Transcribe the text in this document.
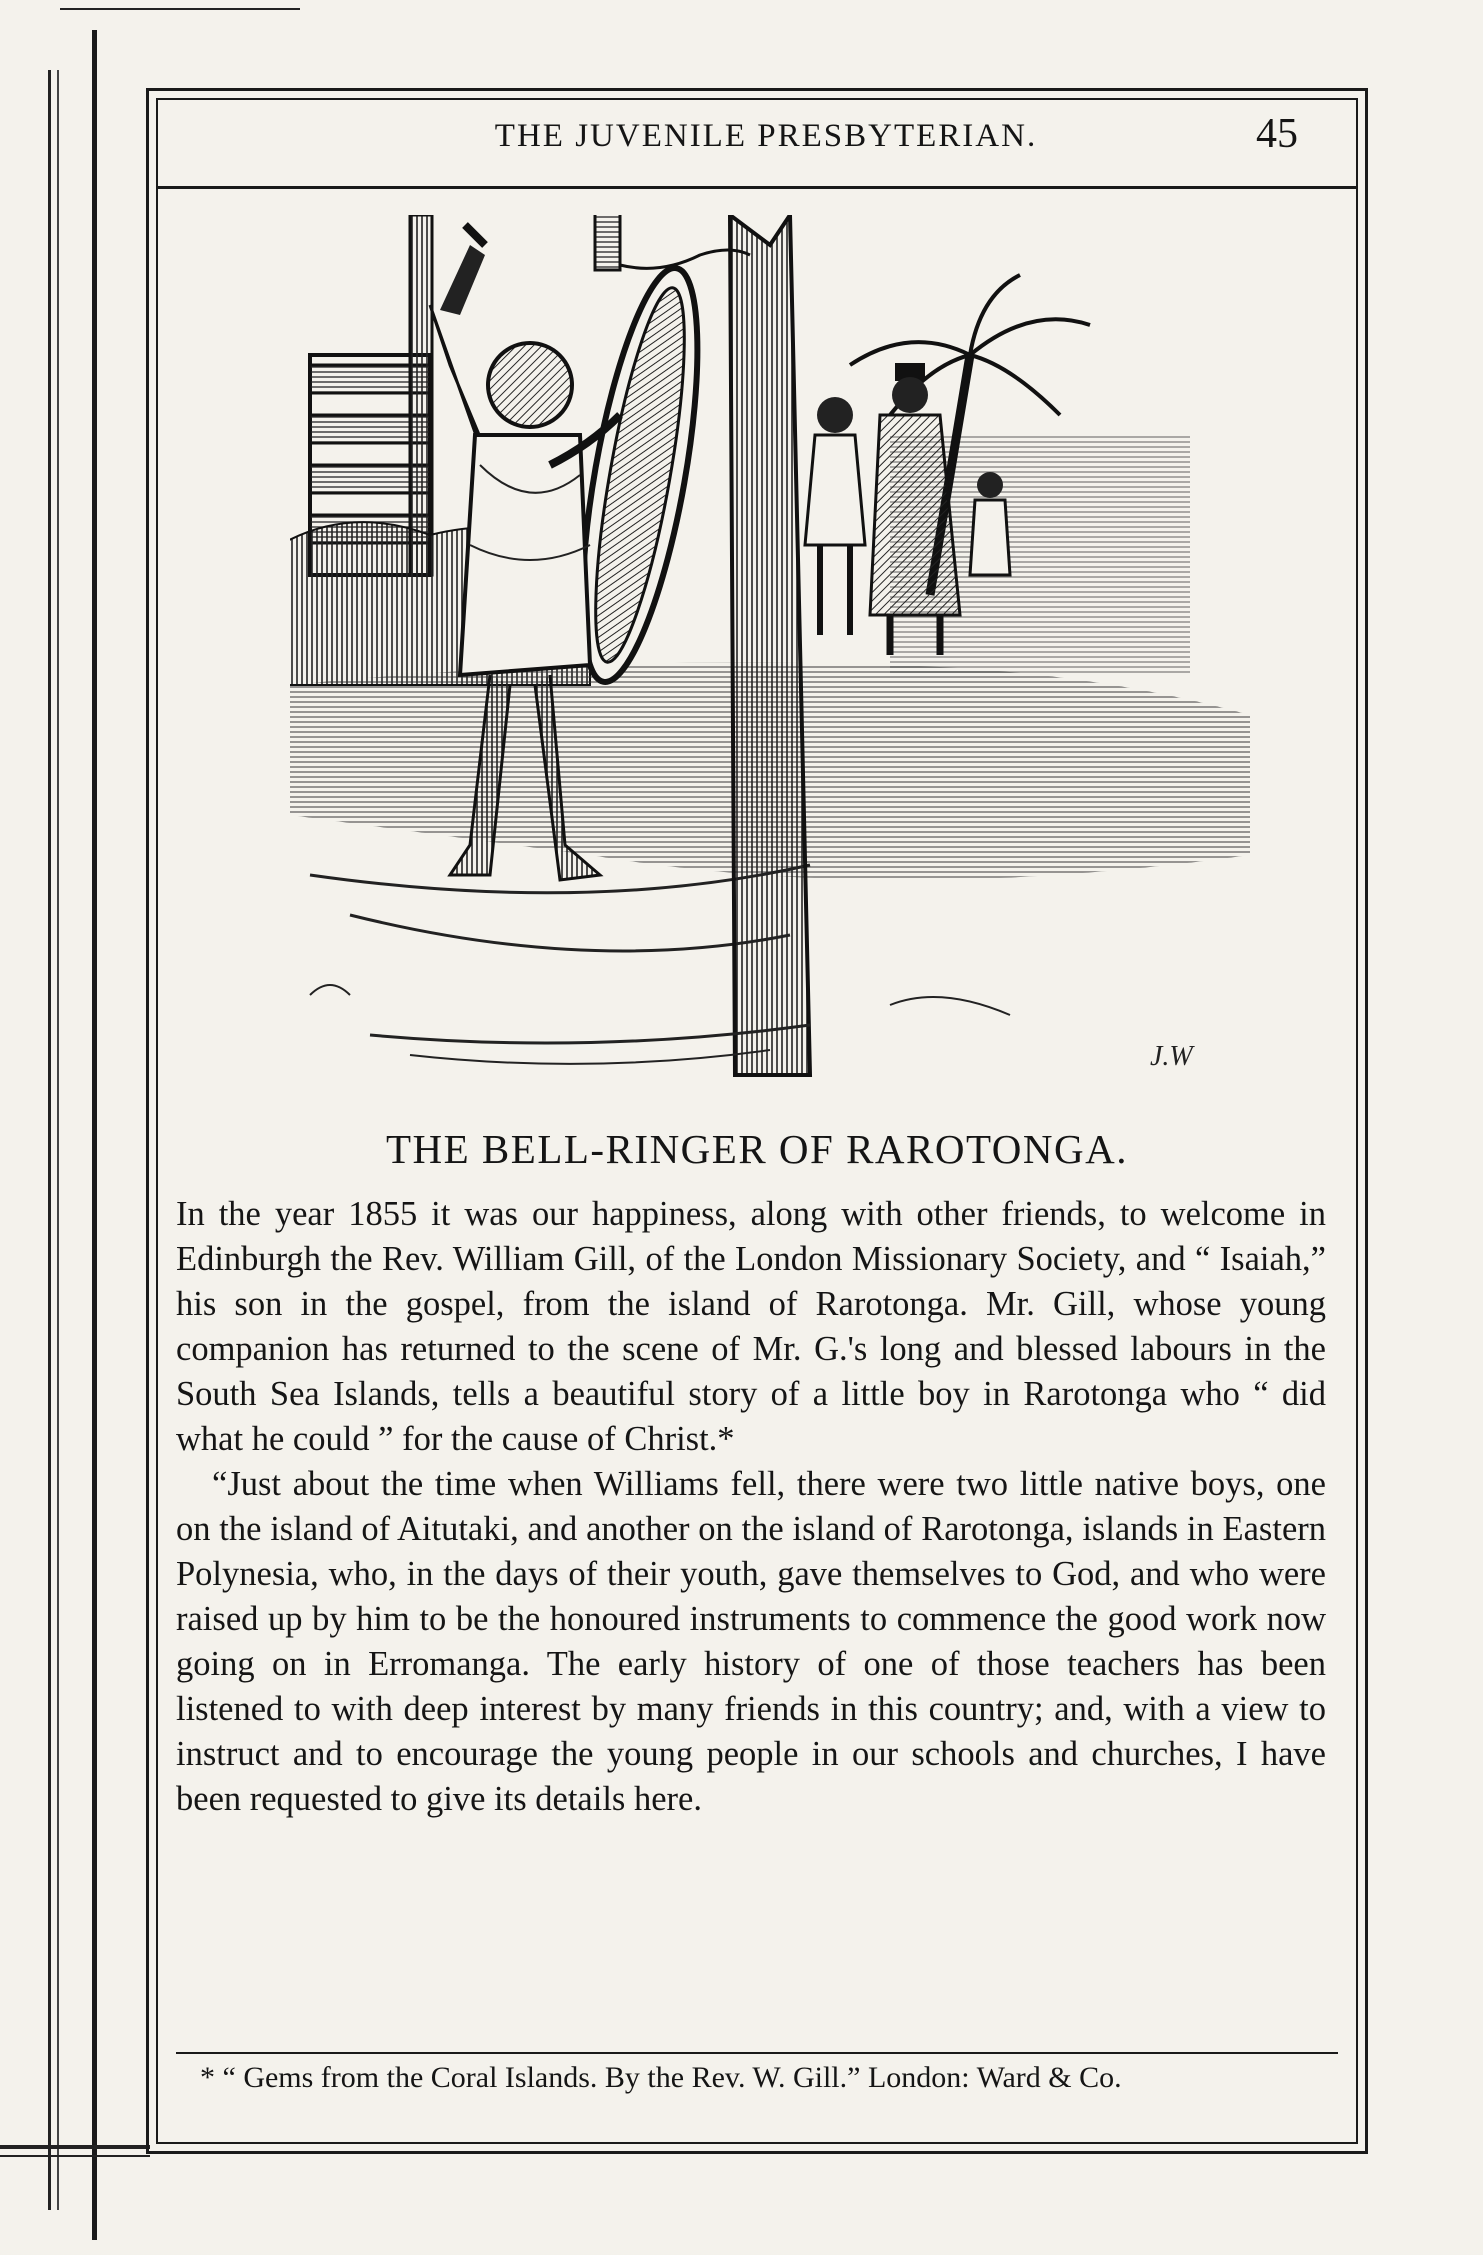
THE JUVENILE PRESBYTERIAN.	45
J.W
THE BELL-RINGER OF RAROTONGA.

In the year 1855 it was our happiness, along with other friends, to welcome in Edinburgh the Rev. William Gill, of the London Missionary Society, and “ Isaiah,” his son in the gospel, from the island of Rarotonga. Mr. Gill, whose young companion has returned to the scene of Mr. G.'s long and blessed labours in the South Sea Islands, tells a beautiful story of a little boy in Rarotonga who “ did what he could ” for the cause of Christ.*

“Just about the time when Williams fell, there were two little native boys, one on the island of Aitutaki, and another on the island of Rarotonga, islands in Eastern Polynesia, who, in the days of their youth, gave themselves to God, and who were raised up by him to be the honoured instruments to commence the good work now going on in Erromanga. The early history of one of those teachers has been listened to with deep interest by many friends in this country; and, with a view to instruct and to encourage the young people in our schools and churches, I have been requested to give its details here.

* “ Gems from the Coral Islands. By the Rev. W. Gill.” London: Ward & Co.
